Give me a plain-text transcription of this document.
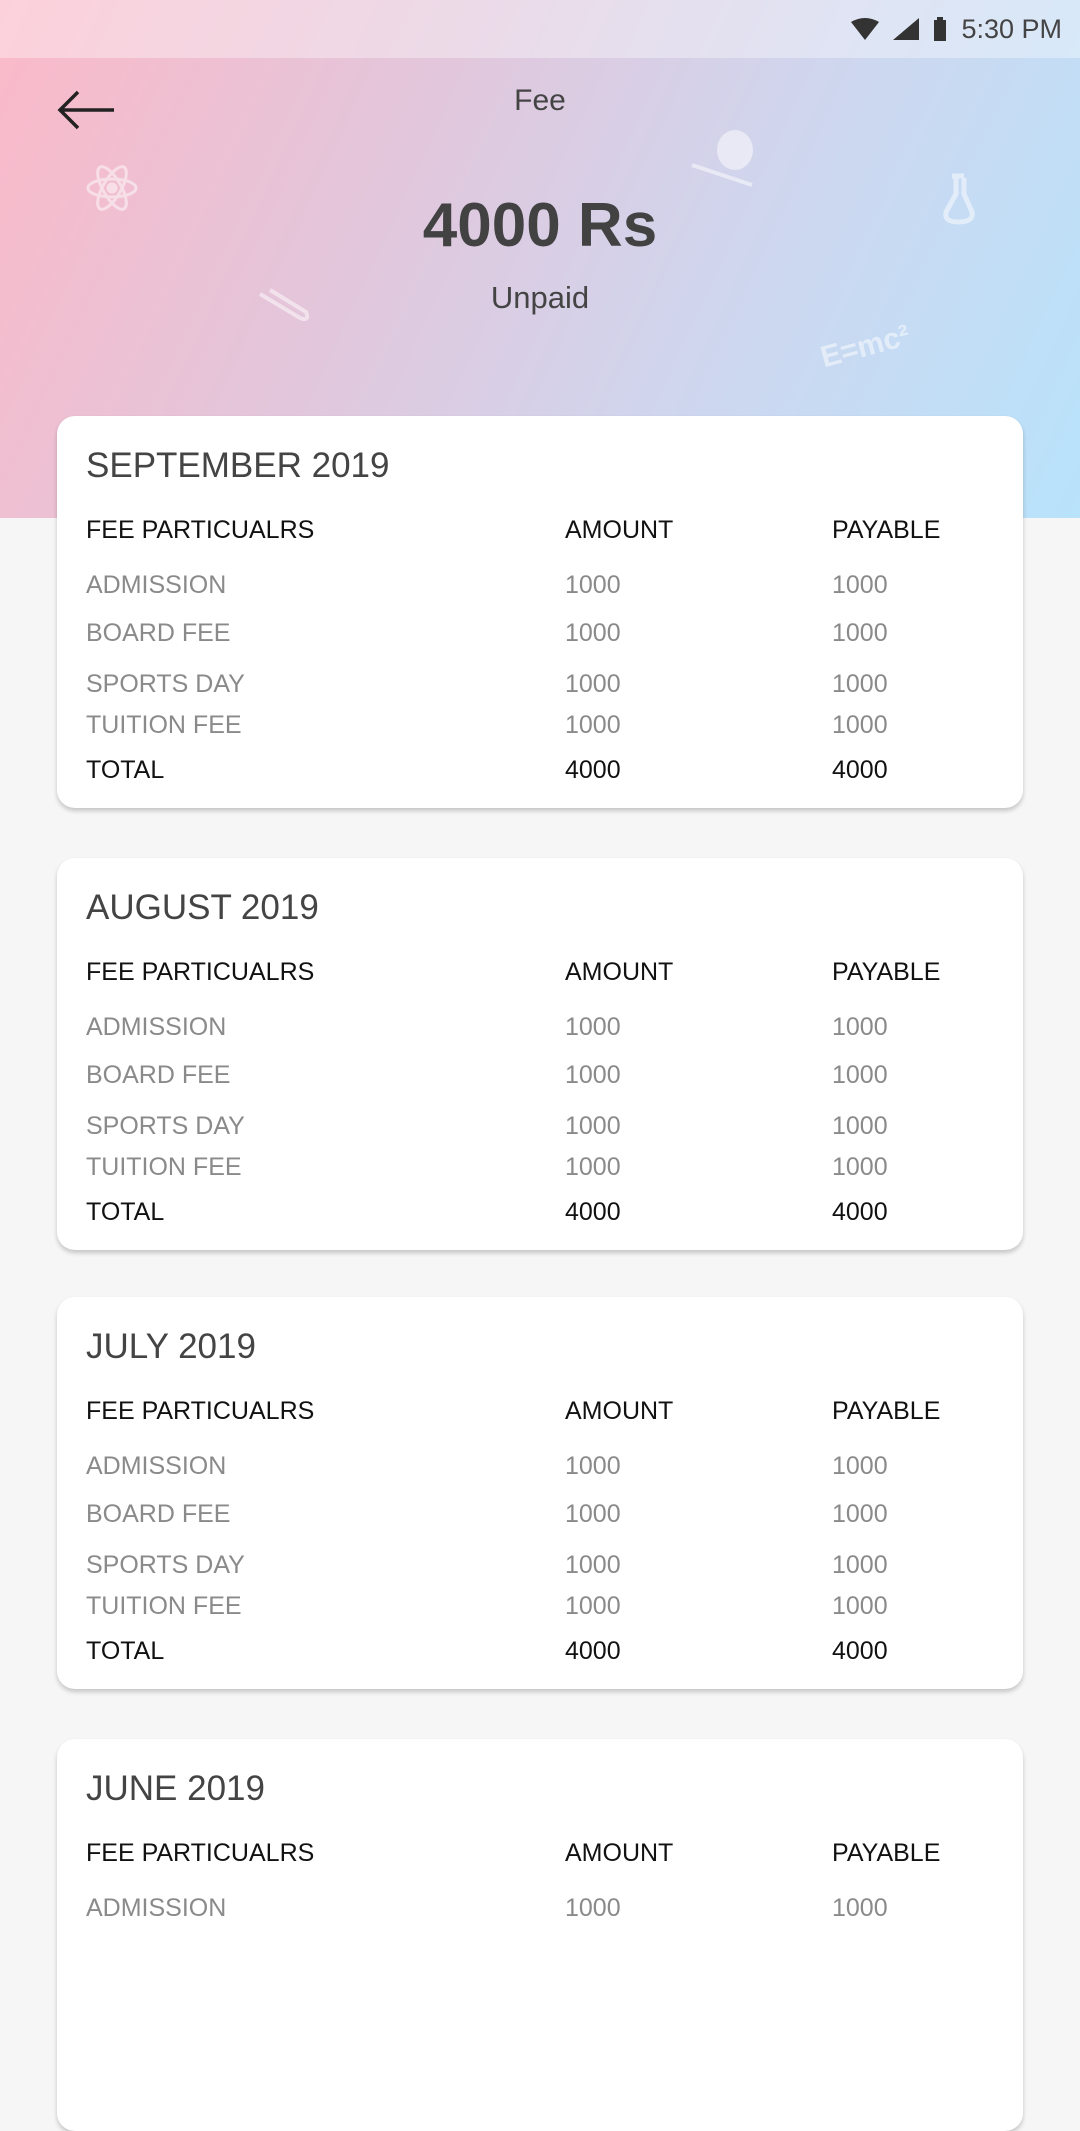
E=mc²
5:30 PM
Fee
4000 Rs
Unpaid
SEPTEMBER 2019
FEE PARTICUALRS	AMOUNT	PAYABLE
ADMISSION	1000	1000
BOARD FEE	1000	1000
SPORTS DAY	1000	1000
TUITION FEE	1000	1000
TOTAL	4000	4000
AUGUST 2019
FEE PARTICUALRS	AMOUNT	PAYABLE
ADMISSION	1000	1000
BOARD FEE	1000	1000
SPORTS DAY	1000	1000
TUITION FEE	1000	1000
TOTAL	4000	4000
JULY 2019
FEE PARTICUALRS	AMOUNT	PAYABLE
ADMISSION	1000	1000
BOARD FEE	1000	1000
SPORTS DAY	1000	1000
TUITION FEE	1000	1000
TOTAL	4000	4000
JUNE 2019
FEE PARTICUALRS	AMOUNT	PAYABLE
ADMISSION	1000	1000
